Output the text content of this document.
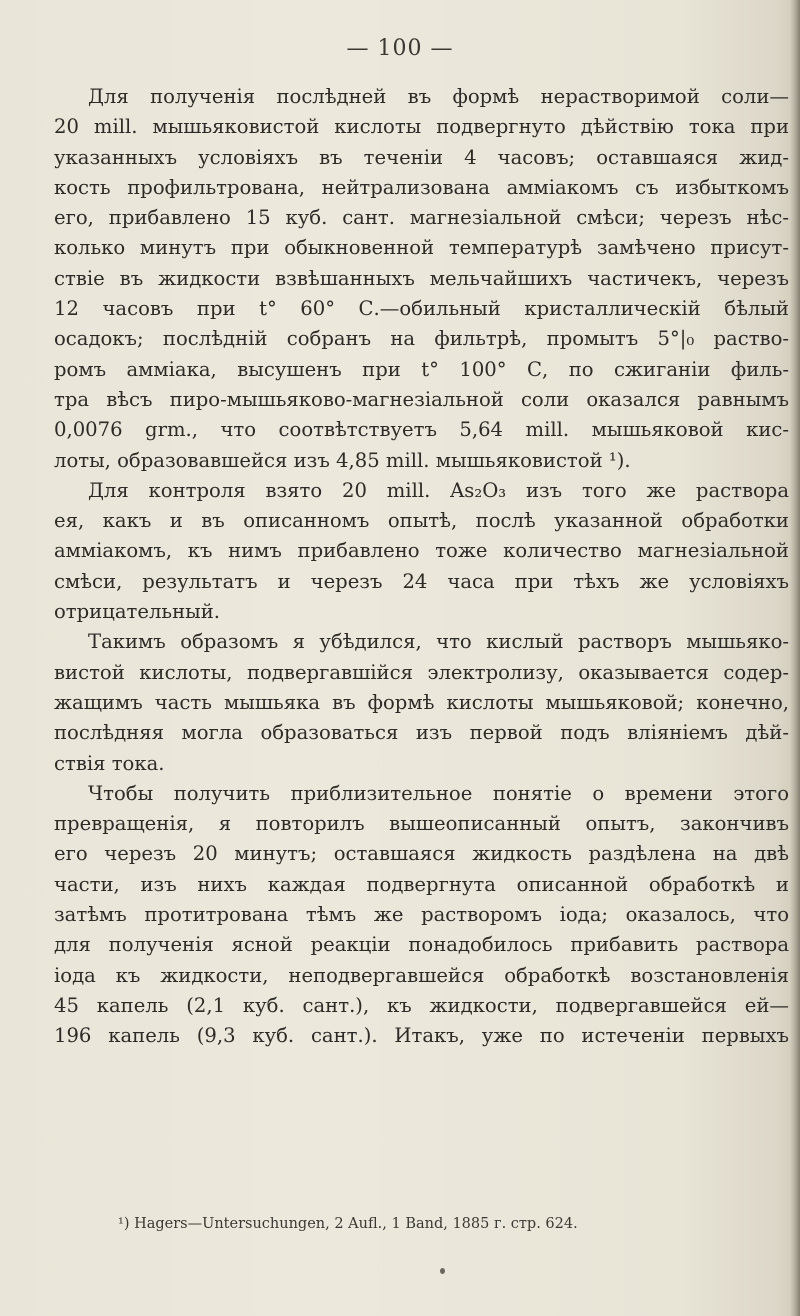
— 100 —
Для полученія послѣдней въ формѣ нерастворимой соли—
20 mill. мышьяковистой кислоты подвергнуто дѣйствію тока при
указанныхъ условіяхъ въ теченіи 4 часовъ; оставшаяся жид-
кость профильтрована, нейтрализована амміакомъ съ избыткомъ
его, прибавлено 15 куб. сант. магнезіальной смѣси; черезъ нѣс-
колько минутъ при обыкновенной температурѣ замѣчено присут-
ствіе въ жидкости взвѣшанныхъ мельчайшихъ частичекъ, черезъ
12 часовъ при t° 60° С.—обильный кристаллическій бѣлый
осадокъ; послѣдній собранъ на фильтрѣ, промытъ 5°|₀ раство-
ромъ амміака, высушенъ при t° 100° С, по сжиганіи филь-
тра вѣсъ пиро-мышьяково-магнезіальной соли оказался равнымъ
0,0076 grm., что соотвѣтствуетъ 5,64 mill. мышьяковой кис-
лоты, образовавшейся изъ 4,85 mill. мышьяковистой ¹).
Для контроля взято 20 mill. As₂O₃ изъ того же раствора
ея, какъ и въ описанномъ опытѣ, послѣ указанной обработки
амміакомъ, къ нимъ прибавлено тоже количество магнезіальной
смѣси, результатъ и черезъ 24 часа при тѣхъ же условіяхъ
отрицательный.
Такимъ образомъ я убѣдился, что кислый растворъ мышьяко-
вистой кислоты, подвергавшійся электролизу, оказывается содер-
жащимъ часть мышьяка въ формѣ кислоты мышьяковой; конечно,
послѣдняя могла образоваться изъ первой подъ вліяніемъ дѣй-
ствія тока.
Чтобы получить приблизительное понятіе о времени этого
превращенія, я повторилъ вышеописанный опытъ, закончивъ
его черезъ 20 минутъ; оставшаяся жидкость раздѣлена на двѣ
части, изъ нихъ каждая подвергнута описанной обработкѣ и
затѣмъ протитрована тѣмъ же растворомъ іода; оказалось, что
для полученія ясной реакціи понадобилось прибавить раствора
іода къ жидкости, неподвергавшейся обработкѣ возстановленія
45 капель (2,1 куб. сант.), къ жидкости, подвергавшейся ей—
196 капель (9,3 куб. сант.). Итакъ, уже по истеченіи первыхъ
¹) Hagers—Untersuchungen, 2 Aufl., 1 Band, 1885 г. стр. 624.
